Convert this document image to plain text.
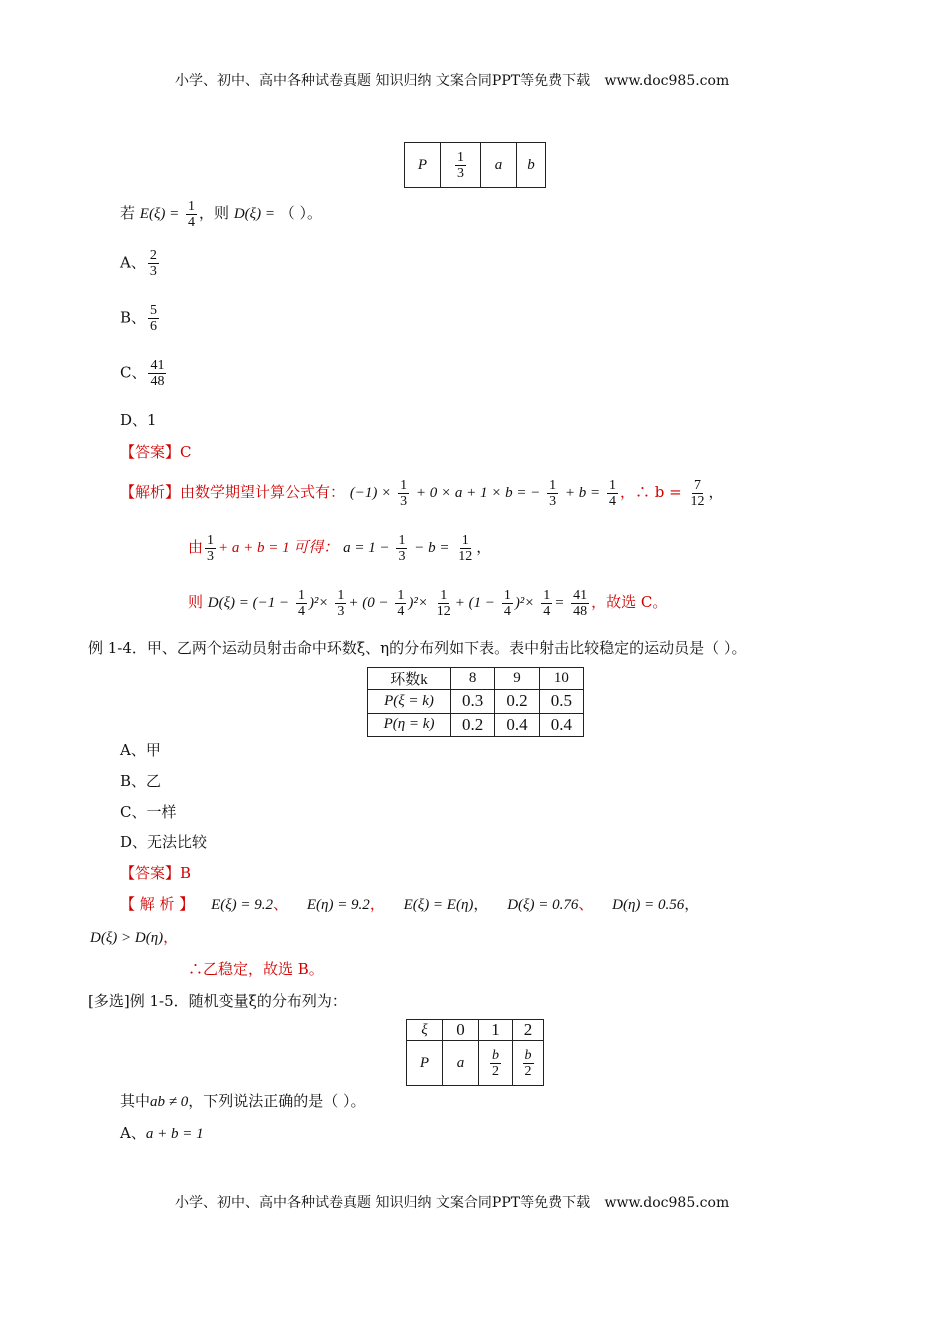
小学、初中、高中各种试卷真题 知识归纳 文案合同PPT等免费下载 www.doc985.com
P	$\frac{1}{3}$	a	b
若 $E(\xi) = \frac{1}{4}$ ，则 D(ξ) = （ ）。
A、 $\frac{2}{3}$
B、 $\frac{5}{6}$
C、 $\frac{41}{48}$
D、1
【答案】C
【解析】由数学期望计算公式有： $(-1) \times \frac{1}{3} + 0 \times a + 1 \times b$ = − $\frac{1}{3} + b = \frac{1}{4}$ ，∴ $b = \frac{7}{12}$ ，
由 $\frac{1}{3} + a + b = 1$ 可得： $a = 1 - \frac{1}{3} - b = \frac{1}{12}$ ，
则 $D(\xi) = (-1 - \frac{1}{4} )^2\times \frac{1}{3} + (0 - \frac{1}{4} )^2\times \frac{1}{12} + (1 - \frac{1}{4} )^2\times \frac{1}{4} = \frac{41}{48}$ ，故选 C。
例 1-4．甲、乙两个运动员射击命中环数ξ、η的分布列如下表。表中射击比较稳定的运动员是（ ）。
环数k	8	9	10
P(ξ = k)	0.3	0.2	0.5
P(η = k)	0.2	0.4	0.4
A、甲
B、乙
C、一样
D、无法比较
【答案】B
【 解 析 】 E(ξ) = 9.2、 E(η) = 9.2， E(ξ) = E(η)， D(ξ) = 0.76、 D(η) = 0.56，
D(ξ) > D(η)，
∴乙稳定，故选 B。
[多选]例 1-5．随机变量ξ的分布列为：
ξ	0	1	2
P	a	$\frac{b}{2}$	$\frac{b}{2}$
其中ab ≠ 0，下列说法正确的是（ ）。
A、a + b = 1
小学、初中、高中各种试卷真题 知识归纳 文案合同PPT等免费下载 www.doc985.com
